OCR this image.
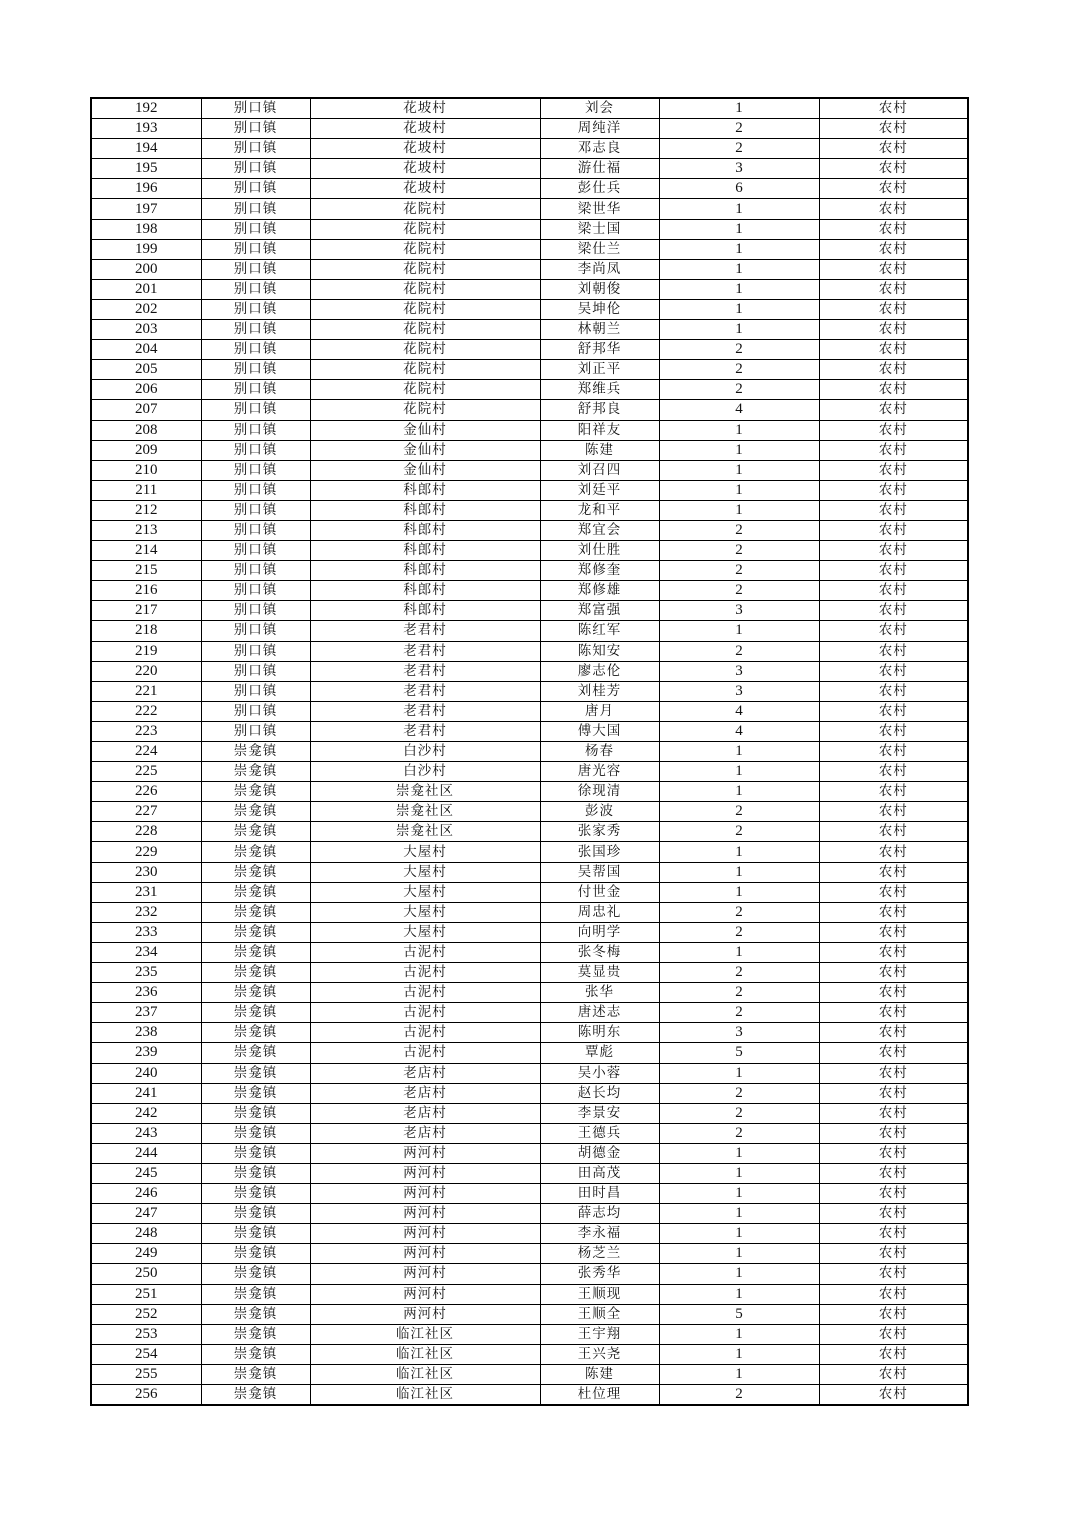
192	别口镇	花坡村	刘会	1	农村
193	别口镇	花坡村	周纯洋	2	农村
194	别口镇	花坡村	邓志良	2	农村
195	别口镇	花坡村	游仕福	3	农村
196	别口镇	花坡村	彭仕兵	6	农村
197	别口镇	花院村	梁世华	1	农村
198	别口镇	花院村	梁士国	1	农村
199	别口镇	花院村	梁仕兰	1	农村
200	别口镇	花院村	李尚凤	1	农村
201	别口镇	花院村	刘朝俊	1	农村
202	别口镇	花院村	吴坤伦	1	农村
203	别口镇	花院村	林朝兰	1	农村
204	别口镇	花院村	舒邦华	2	农村
205	别口镇	花院村	刘正平	2	农村
206	别口镇	花院村	郑维兵	2	农村
207	别口镇	花院村	舒邦良	4	农村
208	别口镇	金仙村	阳祥友	1	农村
209	别口镇	金仙村	陈建	1	农村
210	别口镇	金仙村	刘召四	1	农村
211	别口镇	科郎村	刘廷平	1	农村
212	别口镇	科郎村	龙和平	1	农村
213	别口镇	科郎村	郑宜会	2	农村
214	别口镇	科郎村	刘仕胜	2	农村
215	别口镇	科郎村	郑修奎	2	农村
216	别口镇	科郎村	郑修雄	2	农村
217	别口镇	科郎村	郑富强	3	农村
218	别口镇	老君村	陈红军	1	农村
219	别口镇	老君村	陈知安	2	农村
220	别口镇	老君村	廖志伦	3	农村
221	别口镇	老君村	刘桂芳	3	农村
222	别口镇	老君村	唐月	4	农村
223	别口镇	老君村	傅大国	4	农村
224	崇龛镇	白沙村	杨春	1	农村
225	崇龛镇	白沙村	唐光容	1	农村
226	崇龛镇	崇龛社区	徐现清	1	农村
227	崇龛镇	崇龛社区	彭波	2	农村
228	崇龛镇	崇龛社区	张家秀	2	农村
229	崇龛镇	大屋村	张国珍	1	农村
230	崇龛镇	大屋村	吴帮国	1	农村
231	崇龛镇	大屋村	付世金	1	农村
232	崇龛镇	大屋村	周忠礼	2	农村
233	崇龛镇	大屋村	向明学	2	农村
234	崇龛镇	古泥村	张冬梅	1	农村
235	崇龛镇	古泥村	莫显贵	2	农村
236	崇龛镇	古泥村	张华	2	农村
237	崇龛镇	古泥村	唐述志	2	农村
238	崇龛镇	古泥村	陈明东	3	农村
239	崇龛镇	古泥村	覃彪	5	农村
240	崇龛镇	老店村	吴小蓉	1	农村
241	崇龛镇	老店村	赵长均	2	农村
242	崇龛镇	老店村	李景安	2	农村
243	崇龛镇	老店村	王德兵	2	农村
244	崇龛镇	两河村	胡德金	1	农村
245	崇龛镇	两河村	田高茂	1	农村
246	崇龛镇	两河村	田时昌	1	农村
247	崇龛镇	两河村	薛志均	1	农村
248	崇龛镇	两河村	李永福	1	农村
249	崇龛镇	两河村	杨芝兰	1	农村
250	崇龛镇	两河村	张秀华	1	农村
251	崇龛镇	两河村	王顺现	1	农村
252	崇龛镇	两河村	王顺全	5	农村
253	崇龛镇	临江社区	王宇翔	1	农村
254	崇龛镇	临江社区	王兴尧	1	农村
255	崇龛镇	临江社区	陈建	1	农村
256	崇龛镇	临江社区	杜位理	2	农村
